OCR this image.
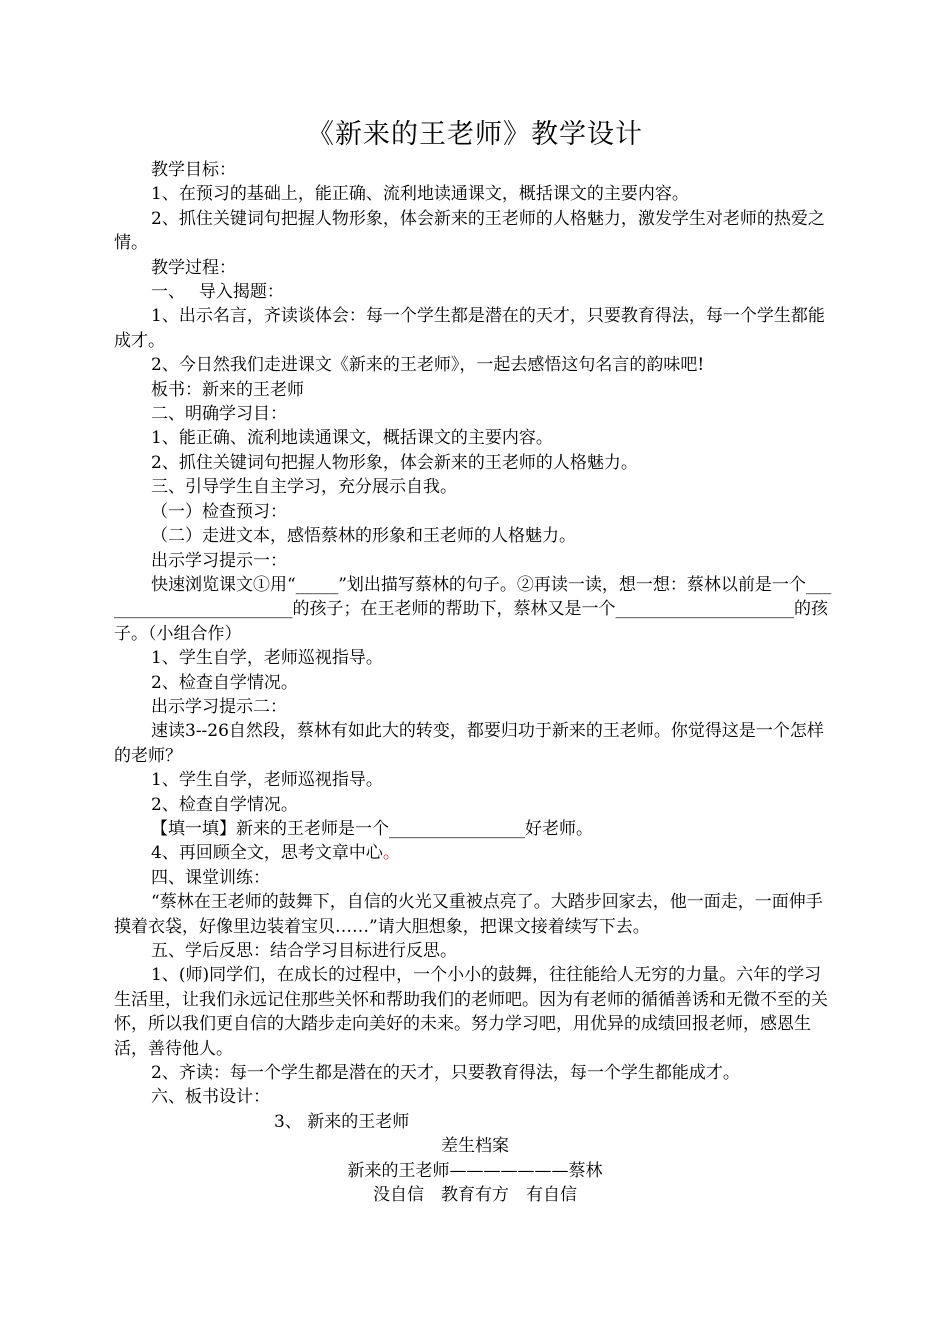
《新来的王老师》教学设计

教学目标：

1、在预习的基础上，能正确、流利地读通课文，概括课文的主要内容。

2、抓住关键词句把握人物形象，体会新来的王老师的人格魅力，激发学生对老师的热爱之情。

教学过程：

一、　 导入揭题：

1、出示名言，齐读谈体会：每一个学生都是潜在的天才，只要教育得法，每一个学生都能成才。

2、今日然我们走进课文《新来的王老师》，一起去感悟这句名言的韵味吧!

板书：新来的王老师

二、明确学习目：

1、能正确、流利地读通课文，概括课文的主要内容。

2、抓住关键词句把握人物形象，体会新来的王老师的人格魅力。

三、引导学生自主学习，充分展示自我。

（一）检查预习：

（二）走进文本，感悟蔡林的形象和王老师的人格魅力。

出示学习提示一：

快速浏览课文①用“_____”划出描写蔡林的句子。②再读一读，想一想：蔡林以前是一个________________________的孩子；在王老师的帮助下，蔡林又是一个_____________________的孩子。（小组合作）

1、学生自学，老师巡视指导。

2、检查自学情况。

出示学习提示二：

速读3--26自然段，蔡林有如此大的转变，都要归功于新来的王老师。你觉得这是一个怎样的老师？

1、学生自学，老师巡视指导。

2、检查自学情况。

【填一填】新来的王老师是一个________________好老师。

4、再回顾全文，思考文章中心。

四、课堂训练：

“蔡林在王老师的鼓舞下，自信的火光又重被点亮了。大踏步回家去，他一面走，一面伸手摸着衣袋，好像里边装着宝贝……”请大胆想象，把课文接着续写下去。

五、学后反思：结合学习目标进行反思。

1、(师)同学们，在成长的过程中，一个小小的鼓舞，往往能给人无穷的力量。六年的学习生活里，让我们永远记住那些关怀和帮助我们的老师吧。因为有老师的循循善诱和无微不至的关怀，所以我们更自信的大踏步走向美好的未来。努力学习吧，用优异的成绩回报老师，感恩生活，善待他人。

2、齐读：每一个学生都是潜在的天才，只要教育得法，每一个学生都能成才。

六、板书设计：

3、 新来的王老师

差生档案

新来的王老师———————蔡林

没自信　教育有方　有自信
